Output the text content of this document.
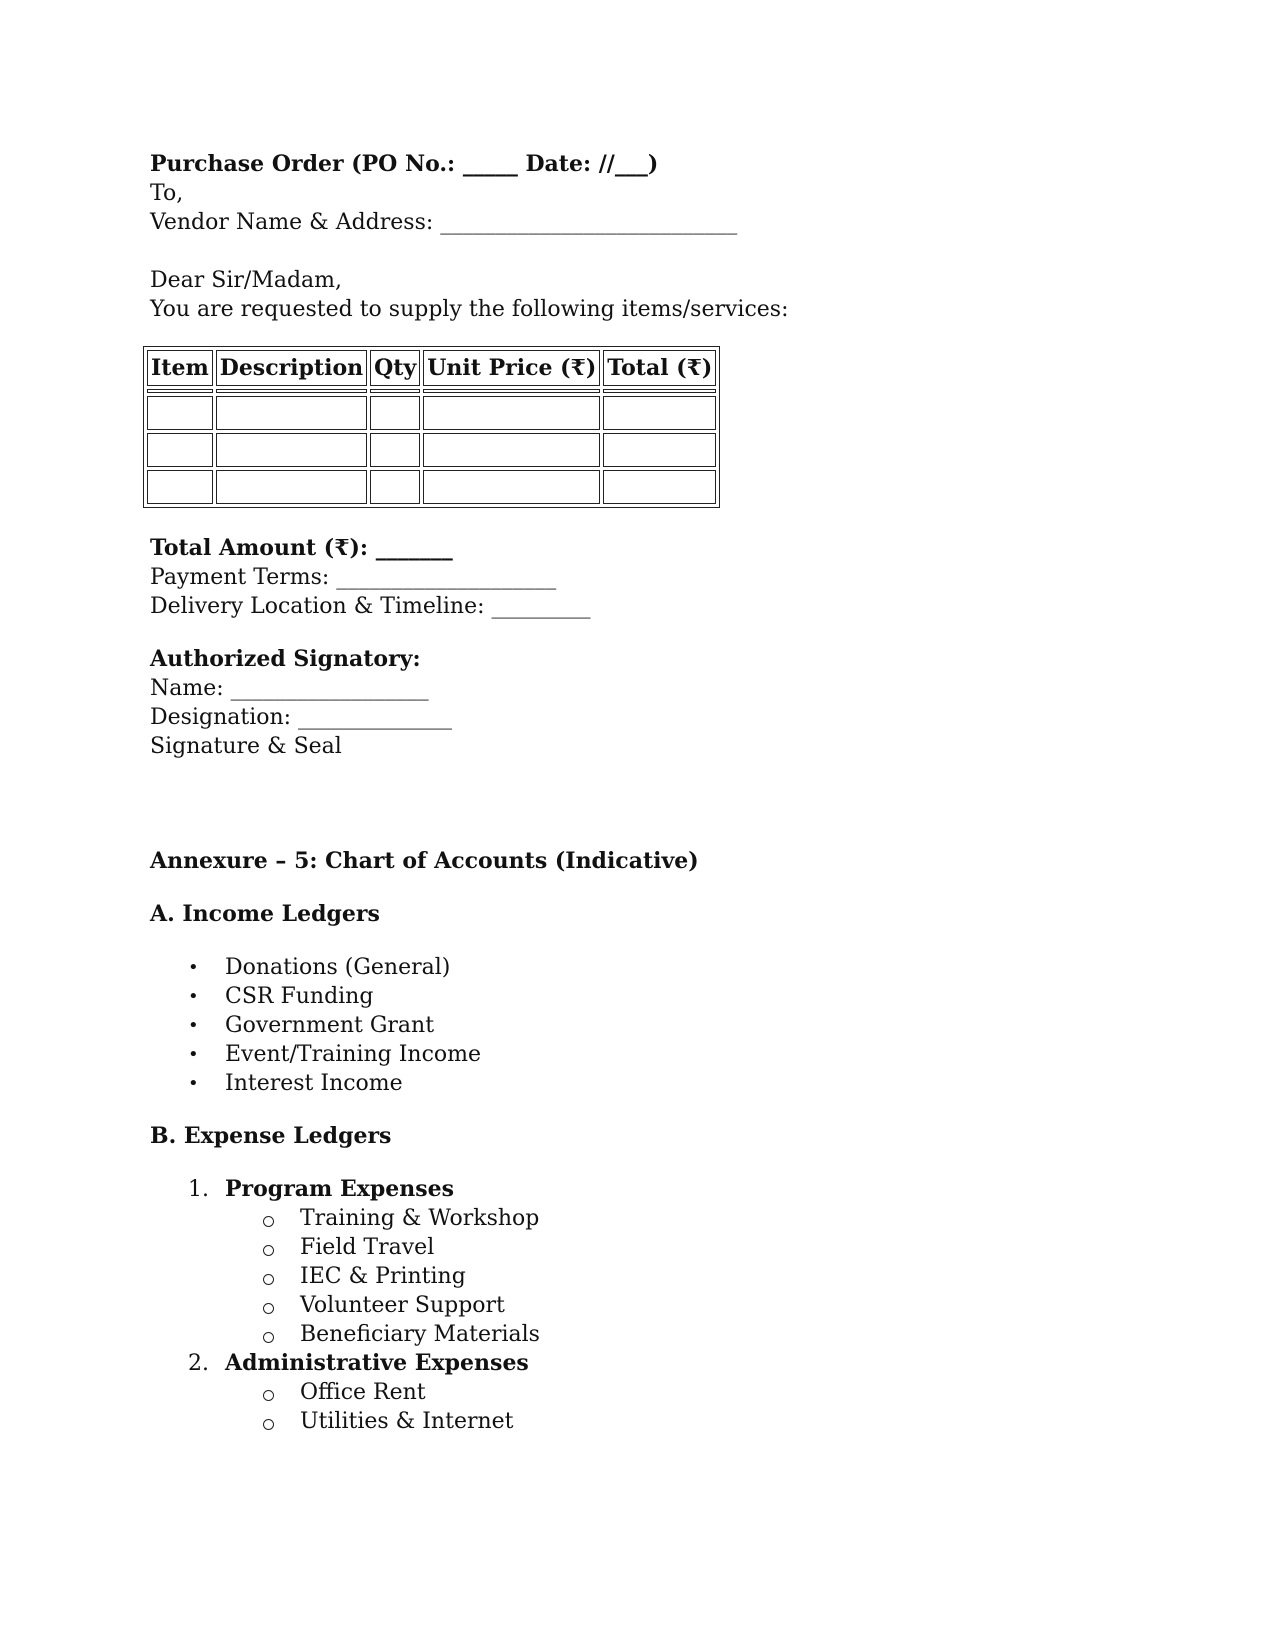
Purchase Order (PO No.: _____ Date: //___)
To,
Vendor Name & Address: ___________________________
Dear Sir/Madam,
You are requested to supply the following items/services:
Item	Description	Qty	Unit Price (₹)	Total (₹)

Total Amount (₹): _______
Payment Terms: ____________________
Delivery Location & Timeline: _________
Authorized Signatory:
Name: __________________
Designation: ______________
Signature & Seal
Annexure – 5: Chart of Accounts (Indicative)
A. Income Ledgers
• Donations (General)
• CSR Funding
• Government Grant
• Event/Training Income
• Interest Income
B. Expense Ledgers
1. Program Expenses
Training & Workshop
Field Travel
IEC & Printing
Volunteer Support
Beneficiary Materials
2. Administrative Expenses
Office Rent
Utilities & Internet
